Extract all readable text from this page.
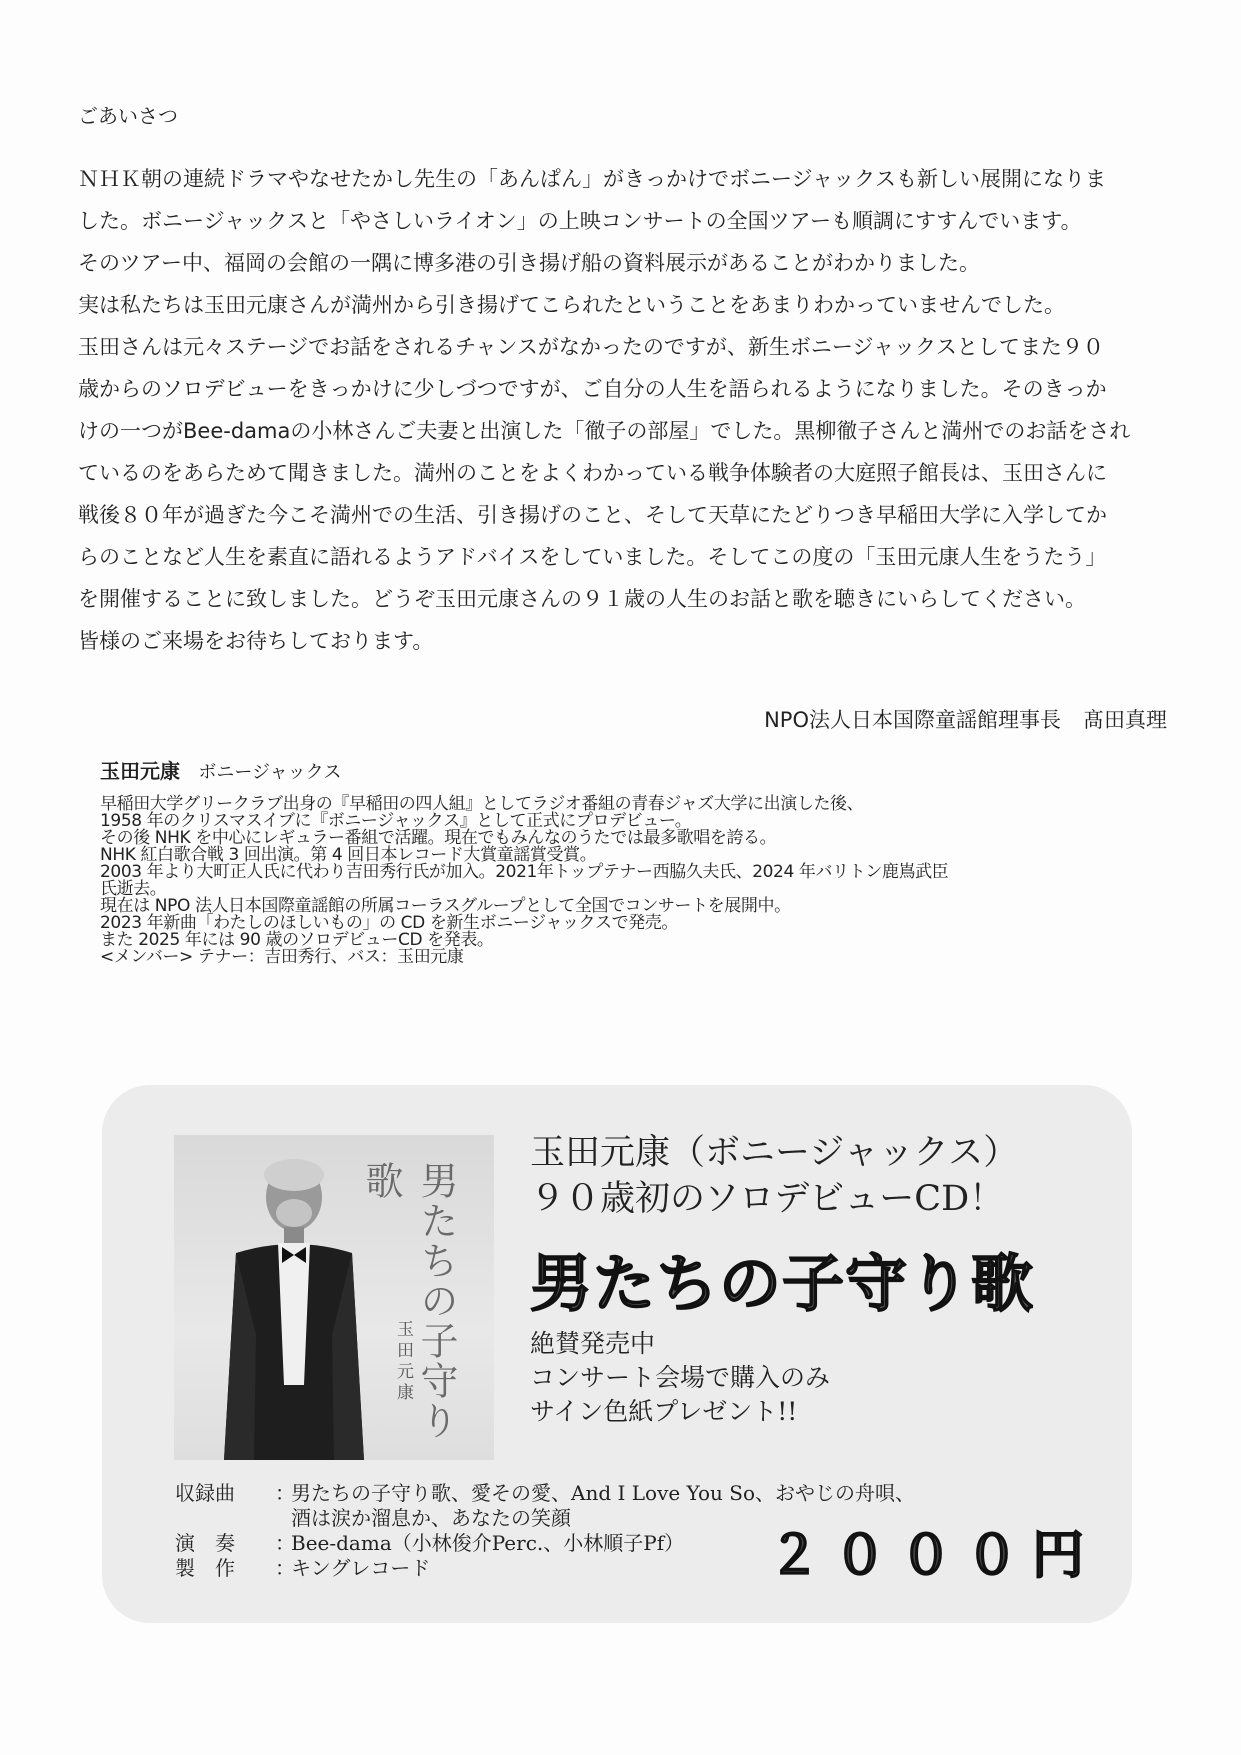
ごあいさつ
ＮＨＫ朝の連続ドラマやなせたかし先生の「あんぱん」がきっかけでボニージャックスも新しい展開になりま
した。ボニージャックスと「やさしいライオン」の上映コンサートの全国ツアーも順調にすすんでいます。
そのツアー中、福岡の会館の一隅に博多港の引き揚げ船の資料展示があることがわかりました。
実は私たちは玉田元康さんが満州から引き揚げてこられたということをあまりわかっていませんでした。
玉田さんは元々ステージでお話をされるチャンスがなかったのですが、新生ボニージャックスとしてまた９０
歳からのソロデビューをきっかけに少しづつですが、ご自分の人生を語られるようになりました。そのきっか
けの一つがBee-damaの小林さんご夫妻と出演した「徹子の部屋」でした。黒柳徹子さんと満州でのお話をされ
ているのをあらためて聞きました。満州のことをよくわかっている戦争体験者の大庭照子館長は、玉田さんに
戦後８０年が過ぎた今こそ満州での生活、引き揚げのこと、そして天草にたどりつき早稲田大学に入学してか
らのことなど人生を素直に語れるようアドバイスをしていました。そしてこの度の「玉田元康人生をうたう」
を開催することに致しました。どうぞ玉田元康さんの９１歳の人生のお話と歌を聴きにいらしてください。
皆様のご来場をお待ちしております。
NPO法人日本国際童謡館理事長 髙田真理
玉田元康 ボニージャックス
早稲田大学グリークラブ出身の『早稲田の四人組』としてラジオ番組の青春ジャズ大学に出演した後、
1958 年のクリスマスイブに『ボニージャックス』として正式にプロデビュー。
その後 NHK を中心にレギュラー番組で活躍。現在でもみんなのうたでは最多歌唱を誇る。
NHK 紅白歌合戦 3 回出演。第 4 回日本レコード大賞童謡賞受賞。
2003 年より大町正人氏に代わり吉田秀行氏が加入。2021年トップテナー西脇久夫氏、2024 年バリトン鹿嶌武臣
氏逝去。
現在は NPO 法人日本国際童謡館の所属コーラスグループとして全国でコンサートを展開中。
2023 年新曲「わたしのほしいもの」の CD を新生ボニージャックスで発売。
また 2025 年には 90 歳のソロデビューCD を発表。
<メンバー> テナー：吉田秀行、バス：玉田元康
男たちの子守り歌
玉田元康
玉田元康（ボニージャックス）
９０歳初のソロデビューCD！
男たちの子守り歌
絶賛発売中
コンサート会場で購入のみ
サイン色紙プレゼント!!
収録曲	：
男たちの子守り歌、愛その愛、And I Love You So、おやじの舟唄、
酒は涙か溜息か、あなたの笑顔
演　奏	：
Bee-dama（小林俊介Perc.、小林順子Pf）
製　作	：
キングレコード	２０００円
